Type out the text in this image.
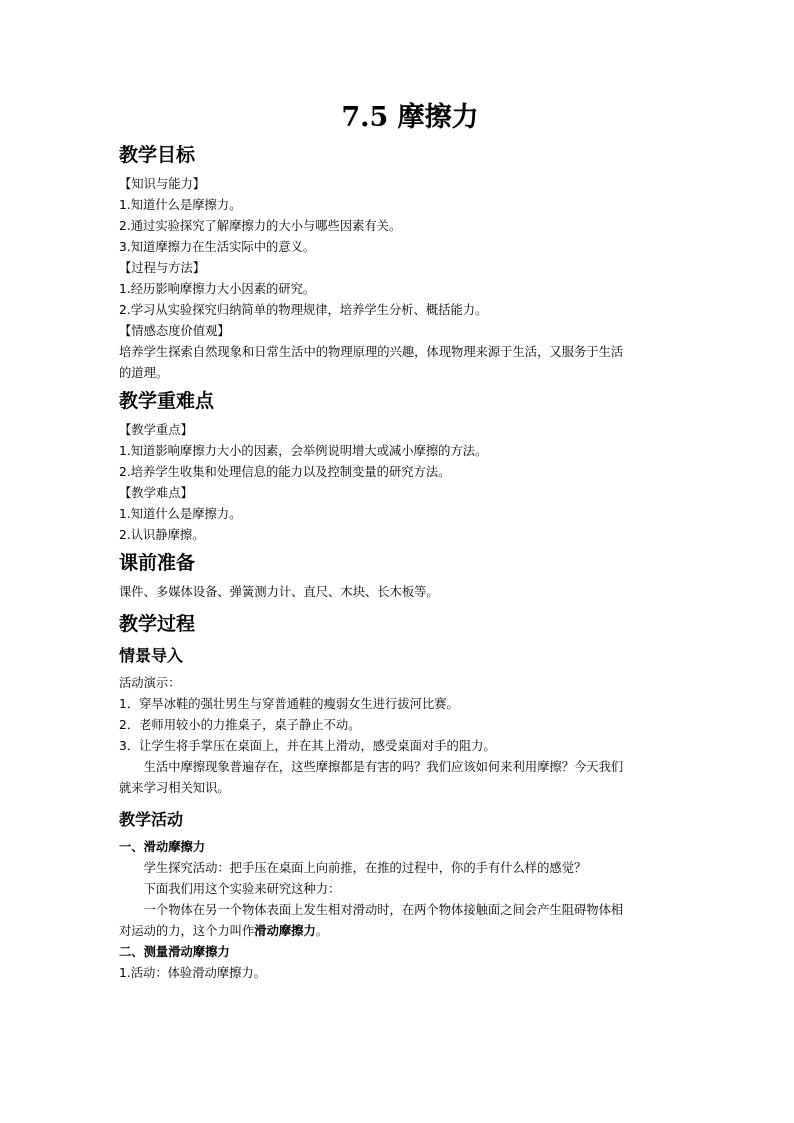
7.5 摩擦力
教学目标

【知识与能力】

1.知道什么是摩擦力。

2.通过实验探究了解摩擦力的大小与哪些因素有关。

3.知道摩擦力在生活实际中的意义。

【过程与方法】

1.经历影响摩擦力大小因素的研究。

2.学习从实验探究归纳简单的物理规律，培养学生分析、概括能力。

【情感态度价值观】

培养学生探索自然现象和日常生活中的物理原理的兴趣，体现物理来源于生活，又服务于生活

的道理。

教学重难点

【教学重点】

1.知道影响摩擦力大小的因素，会举例说明增大或减小摩擦的方法。

2.培养学生收集和处理信息的能力以及控制变量的研究方法。

【教学难点】

1.知道什么是摩擦力。

2.认识静摩擦。

课前准备

课件、多媒体设备、弹簧测力计、直尺、木块、长木板等。

教学过程
情景导入

活动演示：

1．穿旱冰鞋的强壮男生与穿普通鞋的瘦弱女生进行拔河比赛。

2．老师用较小的力推桌子，桌子静止不动。

3．让学生将手掌压在桌面上，并在其上滑动，感受桌面对手的阻力。

生活中摩擦现象普遍存在，这些摩擦都是有害的吗？我们应该如何来利用摩擦？今天我们

就来学习相关知识。

教学活动

一、滑动摩擦力

学生探究活动：把手压在桌面上向前推，在推的过程中，你的手有什么样的感觉？

下面我们用这个实验来研究这种力：

一个物体在另一个物体表面上发生相对滑动时，在两个物体接触面之间会产生阻碍物体相

对运动的力，这个力叫作滑动摩擦力。

二、测量滑动摩擦力

1.活动：体验滑动摩擦力。
